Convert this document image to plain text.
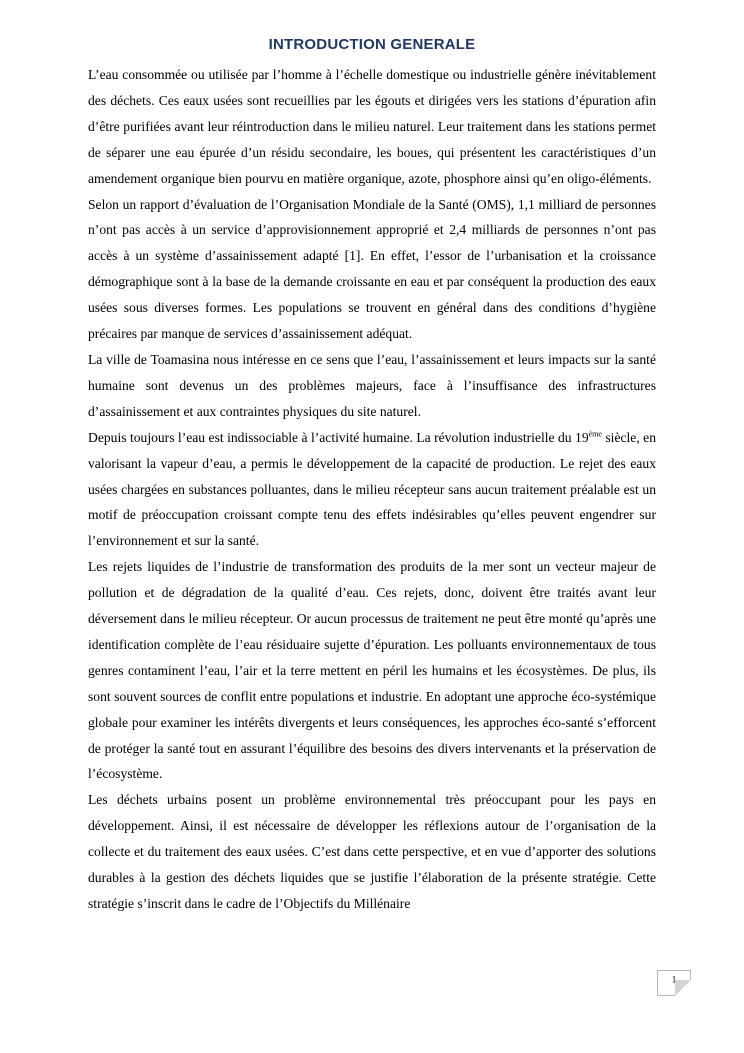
INTRODUCTION GENERALE

L’eau consommée ou utilisée par l’homme à l’échelle domestique ou industrielle génère inévitablement des déchets. Ces eaux usées sont recueillies par les égouts et dirigées vers les stations d’épuration afin d’être purifiées avant leur réintroduction dans le milieu naturel. Leur traitement dans les stations permet de séparer une eau épurée d’un résidu secondaire, les boues, qui présentent les caractéristiques d’un amendement organique bien pourvu en matière organique, azote, phosphore ainsi qu’en oligo-éléments.

Selon un rapport d’évaluation de l’Organisation Mondiale de la Santé (OMS), 1,1 milliard de personnes n’ont pas accès à un service d’approvisionnement approprié et 2,4 milliards de personnes n’ont pas accès à un système d’assainissement adapté [1]. En effet, l’essor de l’urbanisation et la croissance démographique sont à la base de la demande croissante en eau et par conséquent la production des eaux usées sous diverses formes. Les populations se trouvent en général dans des conditions d’hygiène précaires par manque de services d’assainissement adéquat.

La ville de Toamasina nous intéresse en ce sens que l’eau, l’assainissement et leurs impacts sur la santé humaine sont devenus un des problèmes majeurs, face à l’insuffisance des infrastructures d’assainissement et aux contraintes physiques du site naturel.

Depuis toujours l’eau est indissociable à l’activité humaine. La révolution industrielle du 19ème siècle, en valorisant la vapeur d’eau, a permis le développement de la capacité de production. Le rejet des eaux usées chargées en substances polluantes, dans le milieu récepteur sans aucun traitement préalable est un motif de préoccupation croissant compte tenu des effets indésirables qu’elles peuvent engendrer sur l’environnement et sur la santé.

Les rejets liquides de l’industrie de transformation des produits de la mer sont un vecteur majeur de pollution et de dégradation de la qualité d’eau. Ces rejets, donc, doivent être traités avant leur déversement dans le milieu récepteur. Or aucun processus de traitement ne peut être monté qu’après une identification complète de l’eau résiduaire sujette d’épuration. Les polluants environnementaux de tous genres contaminent l’eau, l’air et la terre mettent en péril les humains et les écosystèmes. De plus, ils sont souvent sources de conflit entre populations et industrie. En adoptant une approche éco-systémique globale pour examiner les intérêts divergents et leurs conséquences, les approches éco-santé s’efforcent de protéger la santé tout en assurant l’équilibre des besoins des divers intervenants et la préservation de l’écosystème.

Les déchets urbains posent un problème environnemental très préoccupant pour les pays en développement. Ainsi, il est nécessaire de développer les réflexions autour de l’organisation de la collecte et du traitement des eaux usées. C’est dans cette perspective, et en vue d’apporter des solutions durables à la gestion des déchets liquides que se justifie l’élaboration de la présente stratégie. Cette stratégie s’inscrit dans le cadre de l’Objectifs du Millénaire

1
